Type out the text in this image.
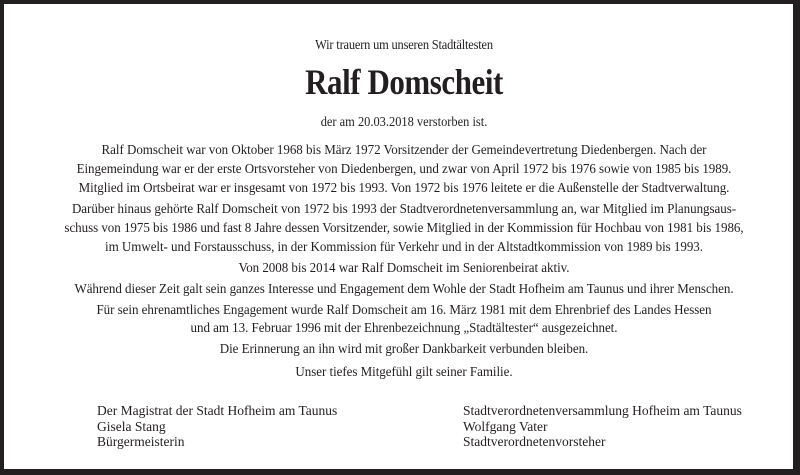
Wir trauern um unseren Stadtältesten
Ralf Domscheit
der am 20.03.2018 verstorben ist.
Ralf Domscheit war von Oktober 1968 bis März 1972 Vorsitzender der Gemeindevertretung Diedenbergen. Nach der
Eingemeindung war er der erste Ortsvorsteher von Diedenbergen, und zwar von April 1972 bis 1976 sowie von 1985 bis 1989.
Mitglied im Ortsbeirat war er insgesamt von 1972 bis 1993. Von 1972 bis 1976 leitete er die Außenstelle der Stadtverwaltung.
Darüber hinaus gehörte Ralf Domscheit von 1972 bis 1993 der Stadtverordnetenversammlung an, war Mitglied im Planungsaus-
schuss von 1975 bis 1986 und fast 8 Jahre dessen Vorsitzender, sowie Mitglied in der Kommission für Hochbau von 1981 bis 1986,
im Umwelt- und Forstausschuss, in der Kommission für Verkehr und in der Altstadtkommission von 1989 bis 1993.
Von 2008 bis 2014 war Ralf Domscheit im Seniorenbeirat aktiv.
Während dieser Zeit galt sein ganzes Interesse und Engagement dem Wohle der Stadt Hofheim am Taunus und ihrer Menschen.
Für sein ehrenamtliches Engagement wurde Ralf Domscheit am 16. März 1981 mit dem Ehrenbrief des Landes Hessen
und am 13. Februar 1996 mit der Ehrenbezeichnung „Stadtältester“ ausgezeichnet.
Die Erinnerung an ihn wird mit großer Dankbarkeit verbunden bleiben.
Unser tiefes Mitgefühl gilt seiner Familie.
Der Magistrat der Stadt Hofheim am Taunus
Gisela Stang
Bürgermeisterin
Stadtverordnetenversammlung Hofheim am Taunus
Wolfgang Vater
Stadtverordnetenvorsteher
